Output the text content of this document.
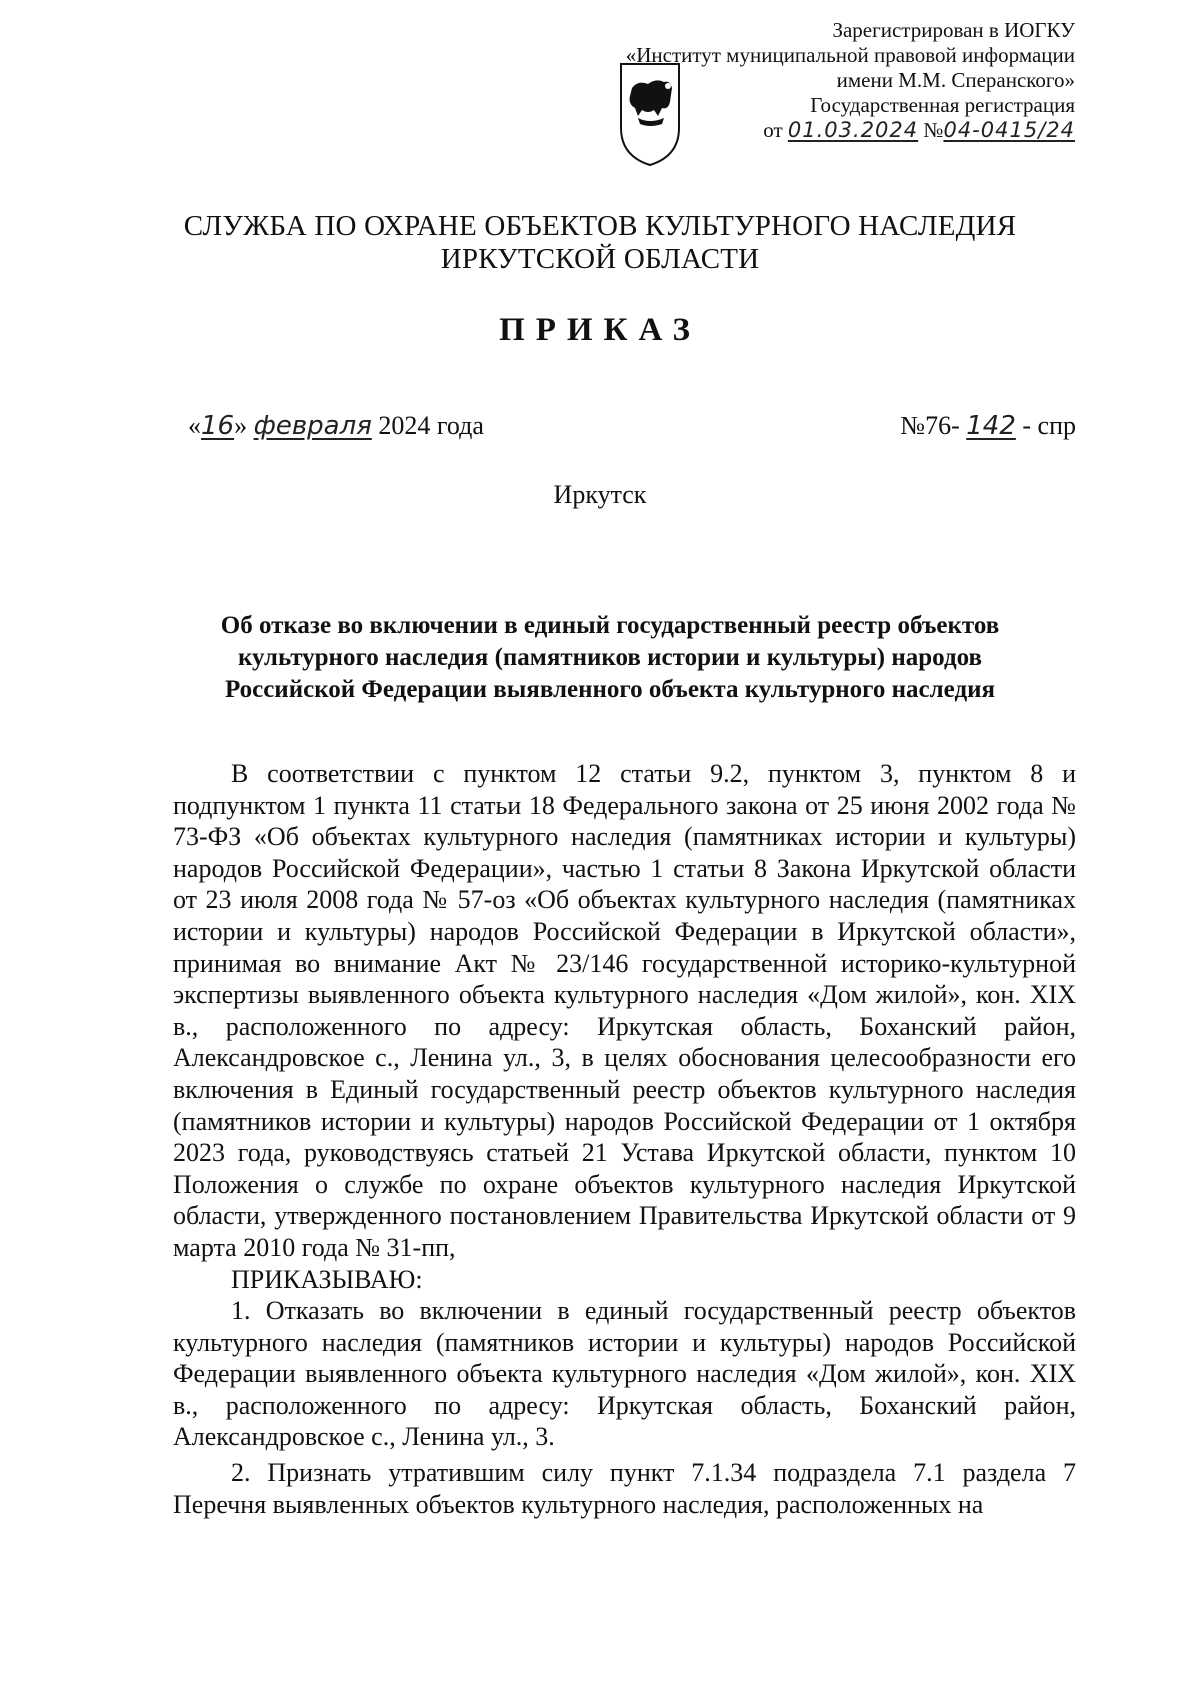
Зарегистрирован в ИОГКУ
«Институт муниципальной правовой информации
имени М.М. Сперанского»
Государственная регистрация
от 01.03.2024 №04-0415/24
СЛУЖБА ПО ОХРАНЕ ОБЪЕКТОВ КУЛЬТУРНОГО НАСЛЕДИЯ
ИРКУТСКОЙ ОБЛАСТИ
ПРИКАЗ
«16» февраля 2024 года	№76- 142 - спр
Иркутск
Об отказе во включении в единый государственный реестр объектов
культурного наследия (памятников истории и культуры) народов
Российской Федерации выявленного объекта культурного наследия

В соответствии с пунктом 12 статьи 9.2, пунктом 3, пунктом 8 и подпунктом 1 пункта 11 статьи 18 Федерального закона от 25 июня 2002 года № 73-ФЗ «Об объектах культурного наследия (памятниках истории и культуры) народов Российской Федерации», частью 1 статьи 8 Закона Иркутской области от 23 июля 2008 года № 57-оз «Об объектах культурного наследия (памятниках истории и культуры) народов Российской Федерации в Иркутской области», принимая во внимание Акт № 23/146 государственной историко-культурной экспертизы выявленного объекта культурного наследия «Дом жилой», кон. XIX в., расположенного по адресу: Иркутская область, Боханский район, Александровское с., Ленина ул., 3, в целях обоснования целесообразности его включения в Единый государственный реестр объектов культурного наследия (памятников истории и культуры) народов Российской Федерации от 1 октября 2023 года, руководствуясь статьей 21 Устава Иркутской области, пунктом 10 Положения о службе по охране объектов культурного наследия Иркутской области, утвержденного постановлением Правительства Иркутской области от 9 марта 2010 года № 31-пп,

ПРИКАЗЫВАЮ:

1. Отказать во включении в единый государственный реестр объектов культурного наследия (памятников истории и культуры) народов Российской Федерации выявленного объекта культурного наследия «Дом жилой», кон. XIX в., расположенного по адресу: Иркутская область, Боханский район, Александровское с., Ленина ул., 3.

2. Признать утратившим силу пункт 7.1.34 подраздела 7.1 раздела 7 Перечня выявленных объектов культурного наследия, расположенных на
